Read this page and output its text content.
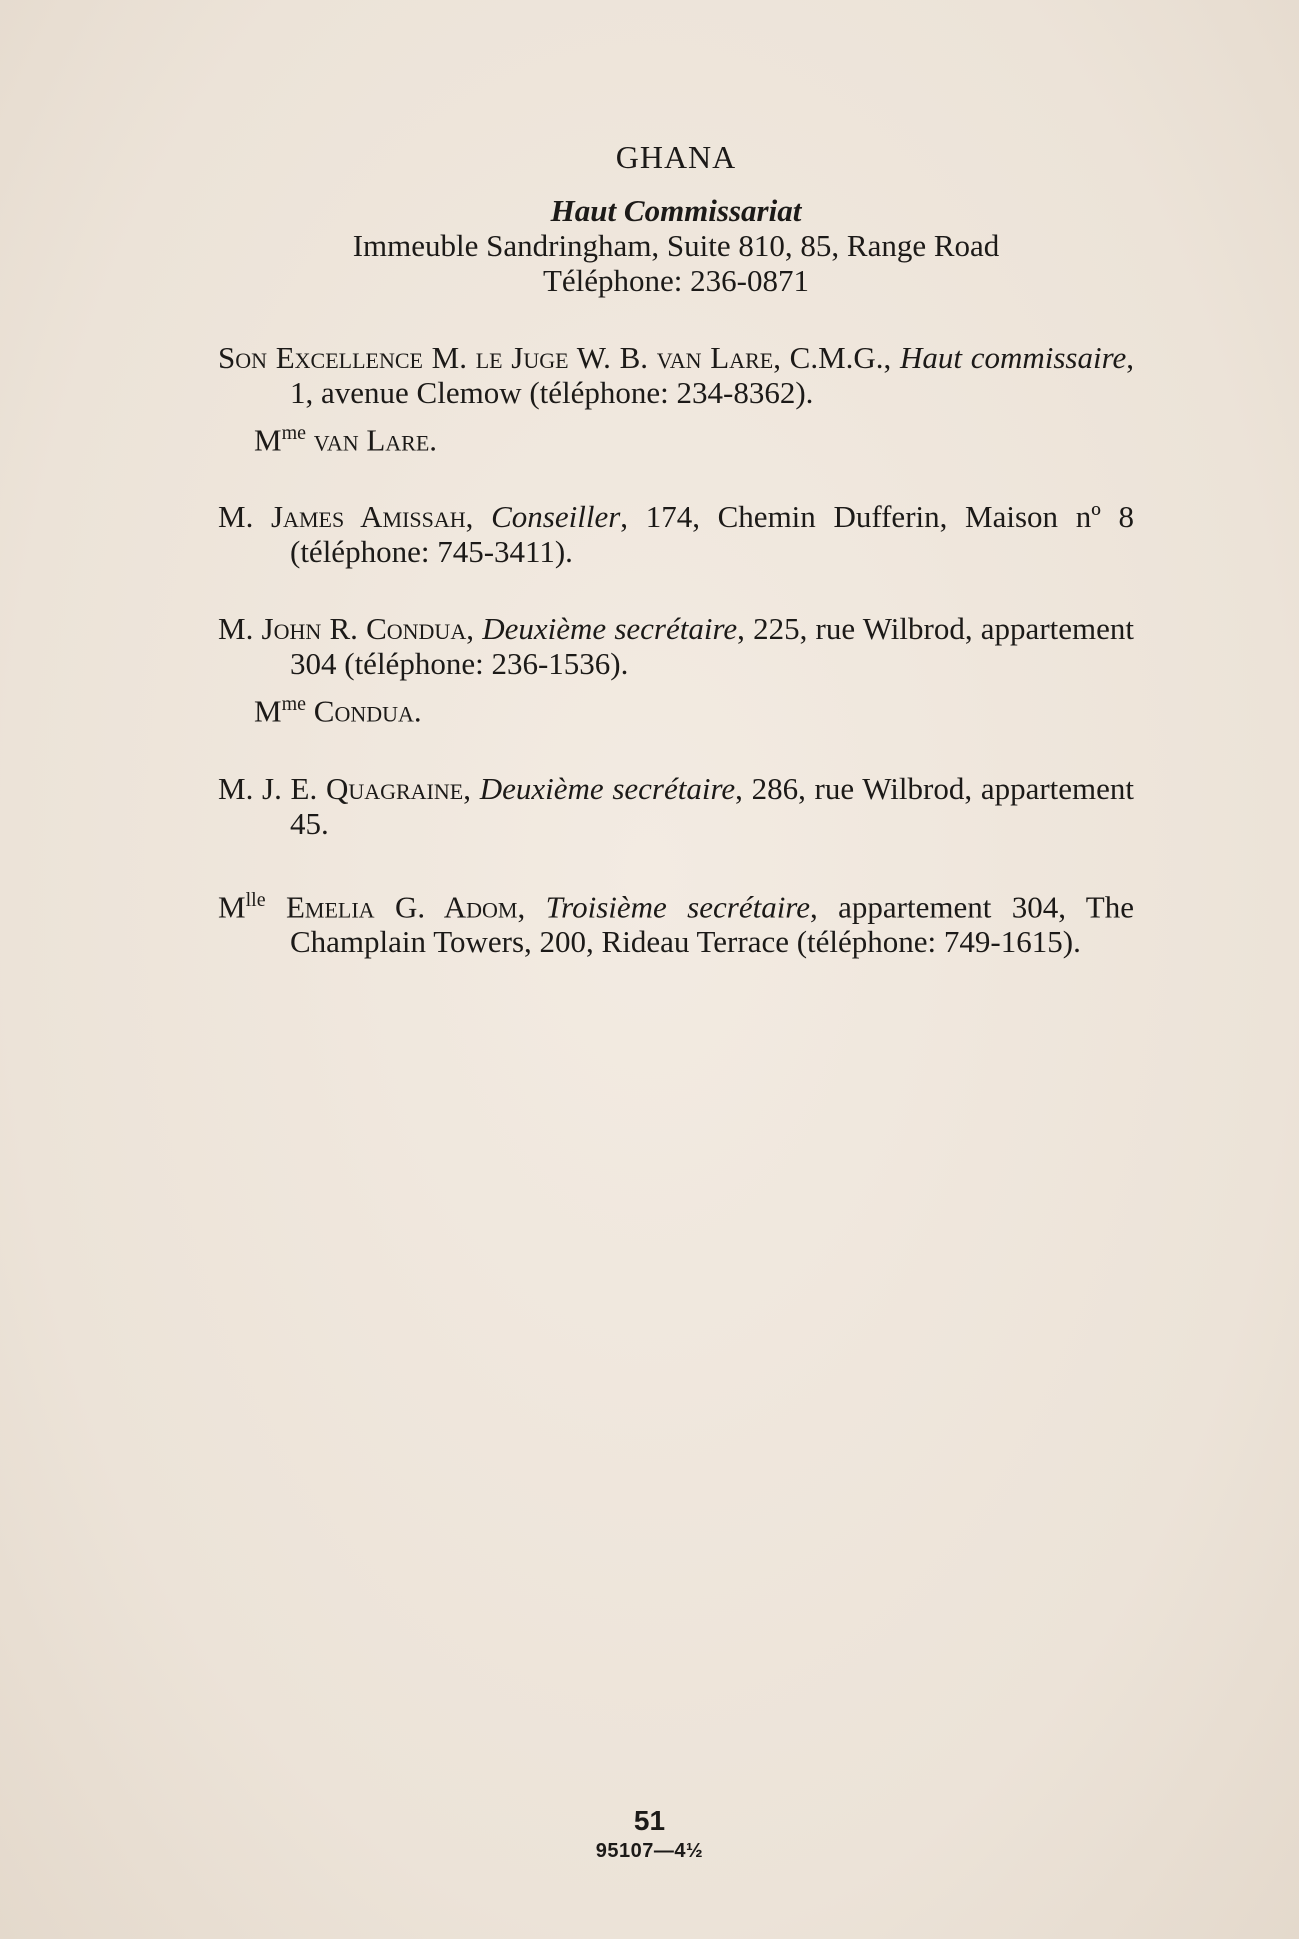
GHANA

Haut Commissariat

Immeuble Sandringham, Suite 810, 85, Range Road

Téléphone: 236-0871

Son Excellence M. le Juge W. B. van Lare, C.M.G., Haut commissaire, 1, avenue Clemow (téléphone: 234-8362).

$M^{me}$ van Lare.

M. James Amissah, Conseiller, 174, Chemin Dufferin, Maison nº 8 (téléphone: 745-3411).

M. John R. Condua, Deuxième secrétaire, 225, rue Wilbrod, appartement 304 (téléphone: 236-1536).

$M^{me}$ Condua.

M. J. E. Quagraine, Deuxième secrétaire, 286, rue Wilbrod, appartement 45.

$M^{lle}$ Emelia G. Adom, Troisième secrétaire, appartement 304, The Champlain Towers, 200, Rideau Terrace (téléphone: 749-1615).

51
95107—4½
